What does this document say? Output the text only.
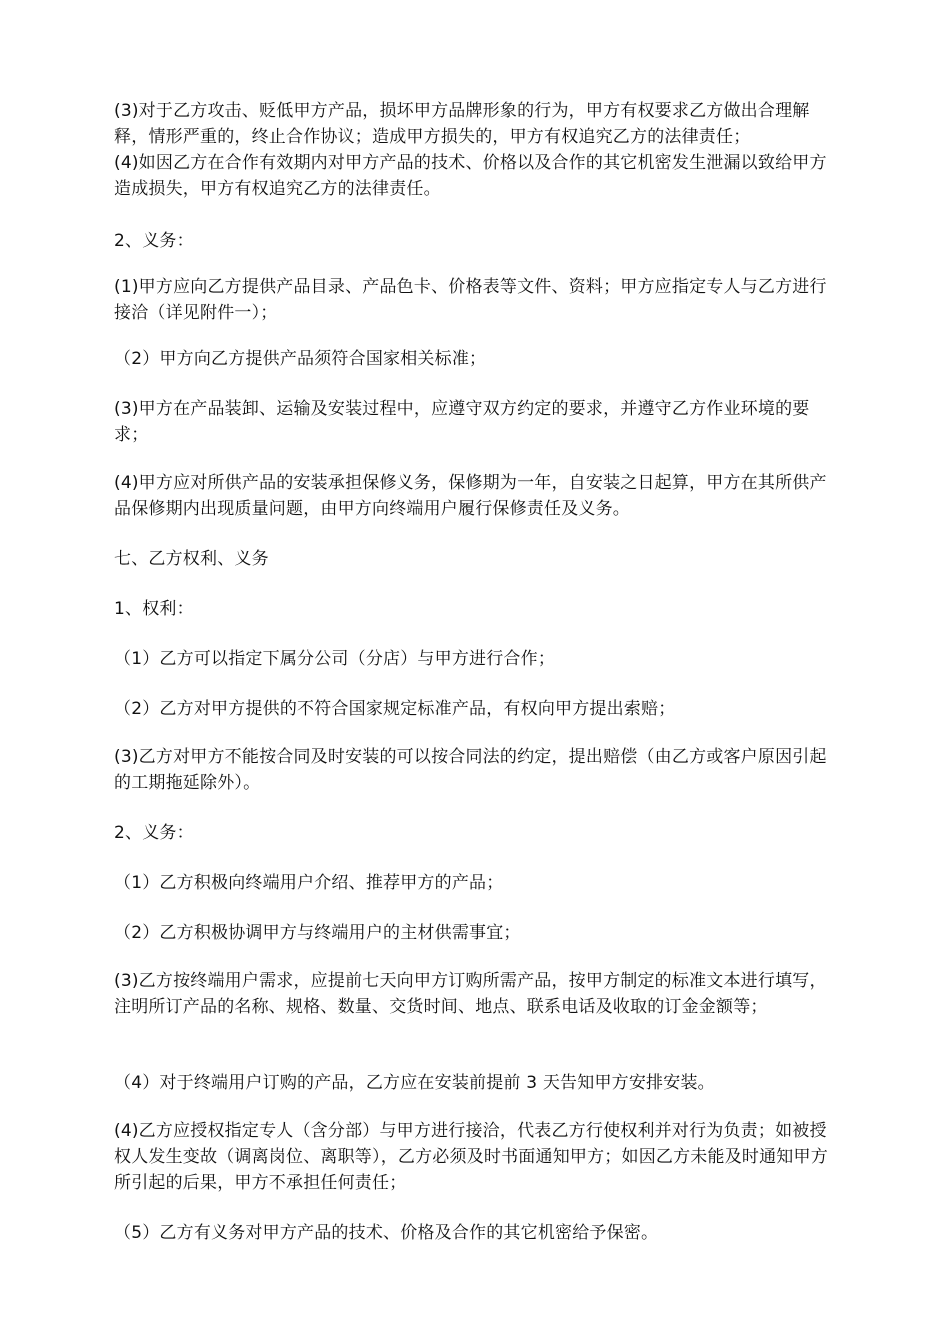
(3)对于乙方攻击、贬低甲方产品，损坏甲方品牌形象的行为，甲方有权要求乙方做出合理解释，情形严重的，终止合作协议；造成甲方损失的，甲方有权追究乙方的法律责任；

(4)如因乙方在合作有效期内对甲方产品的技术、价格以及合作的其它机密发生泄漏以致给甲方造成损失，甲方有权追究乙方的法律责任。

2、义务：

(1)甲方应向乙方提供产品目录、产品色卡、价格表等文件、资料；甲方应指定专人与乙方进行接洽（详见附件一）；

（2）甲方向乙方提供产品须符合国家相关标准；

(3)甲方在产品装卸、运输及安装过程中，应遵守双方约定的要求，并遵守乙方作业环境的要求；

(4)甲方应对所供产品的安装承担保修义务，保修期为一年，自安装之日起算，甲方在其所供产品保修期内出现质量问题，由甲方向终端用户履行保修责任及义务。

七、乙方权利、义务

1、权利：

（1）乙方可以指定下属分公司（分店）与甲方进行合作；

（2）乙方对甲方提供的不符合国家规定标准产品，有权向甲方提出索赔；

(3)乙方对甲方不能按合同及时安装的可以按合同法的约定，提出赔偿（由乙方或客户原因引起的工期拖延除外）。

2、义务：

（1）乙方积极向终端用户介绍、推荐甲方的产品；

（2）乙方积极协调甲方与终端用户的主材供需事宜；

(3)乙方按终端用户需求，应提前七天向甲方订购所需产品，按甲方制定的标准文本进行填写，注明所订产品的名称、规格、数量、交货时间、地点、联系电话及收取的订金金额等；

（4）对于终端用户订购的产品，乙方应在安装前提前 3 天告知甲方安排安装。

(4)乙方应授权指定专人（含分部）与甲方进行接洽，代表乙方行使权利并对行为负责；如被授权人发生变故（调离岗位、离职等），乙方必须及时书面通知甲方；如因乙方未能及时通知甲方所引起的后果，甲方不承担任何责任；

（5）乙方有义务对甲方产品的技术、价格及合作的其它机密给予保密。
